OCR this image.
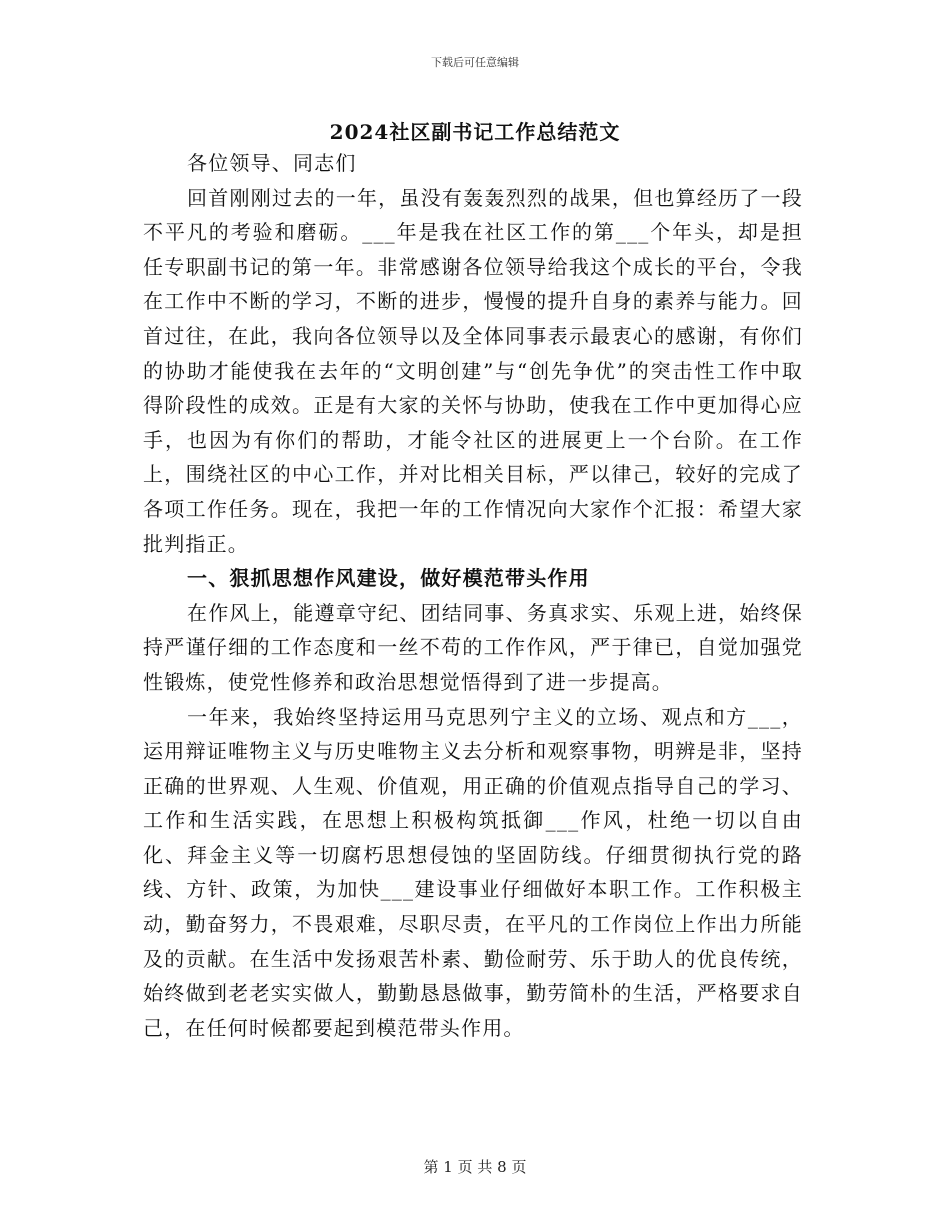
下载后可任意编辑
2024社区副书记工作总结范文

各位领导、同志们

回首刚刚过去的一年，虽没有轰轰烈烈的战果，但也算经历了一段不平凡的考验和磨砺。___年是我在社区工作的第___个年头，却是担任专职副书记的第一年。非常感谢各位领导给我这个成长的平台，令我在工作中不断的学习，不断的进步，慢慢的提升自身的素养与能力。回首过往，在此，我向各位领导以及全体同事表示最衷心的感谢，有你们的协助才能使我在去年的“文明创建”与“创先争优”的突击性工作中取得阶段性的成效。正是有大家的关怀与协助，使我在工作中更加得心应手，也因为有你们的帮助，才能令社区的进展更上一个台阶。在工作上，围绕社区的中心工作，并对比相关目标，严以律己，较好的完成了各项工作任务。现在，我把一年的工作情况向大家作个汇报：希望大家批判指正。

一、狠抓思想作风建设，做好模范带头作用

在作风上，能遵章守纪、团结同事、务真求实、乐观上进，始终保持严谨仔细的工作态度和一丝不苟的工作作风，严于律已，自觉加强党性锻炼，使党性修养和政治思想觉悟得到了进一步提高。

一年来，我始终坚持运用马克思列宁主义的立场、观点和方___，运用辩证唯物主义与历史唯物主义去分析和观察事物，明辨是非，坚持正确的世界观、人生观、价值观，用正确的价值观点指导自己的学习、工作和生活实践，在思想上积极构筑抵御___作风，杜绝一切以自由化、拜金主义等一切腐朽思想侵蚀的坚固防线。仔细贯彻执行党的路线、方针、政策，为加快___建设事业仔细做好本职工作。工作积极主动，勤奋努力，不畏艰难，尽职尽责，在平凡的工作岗位上作出力所能及的贡献。在生活中发扬艰苦朴素、勤俭耐劳、乐于助人的优良传统，始终做到老老实实做人，勤勤恳恳做事，勤劳简朴的生活，严格要求自己，在任何时候都要起到模范带头作用。

第 1 页 共 8 页
